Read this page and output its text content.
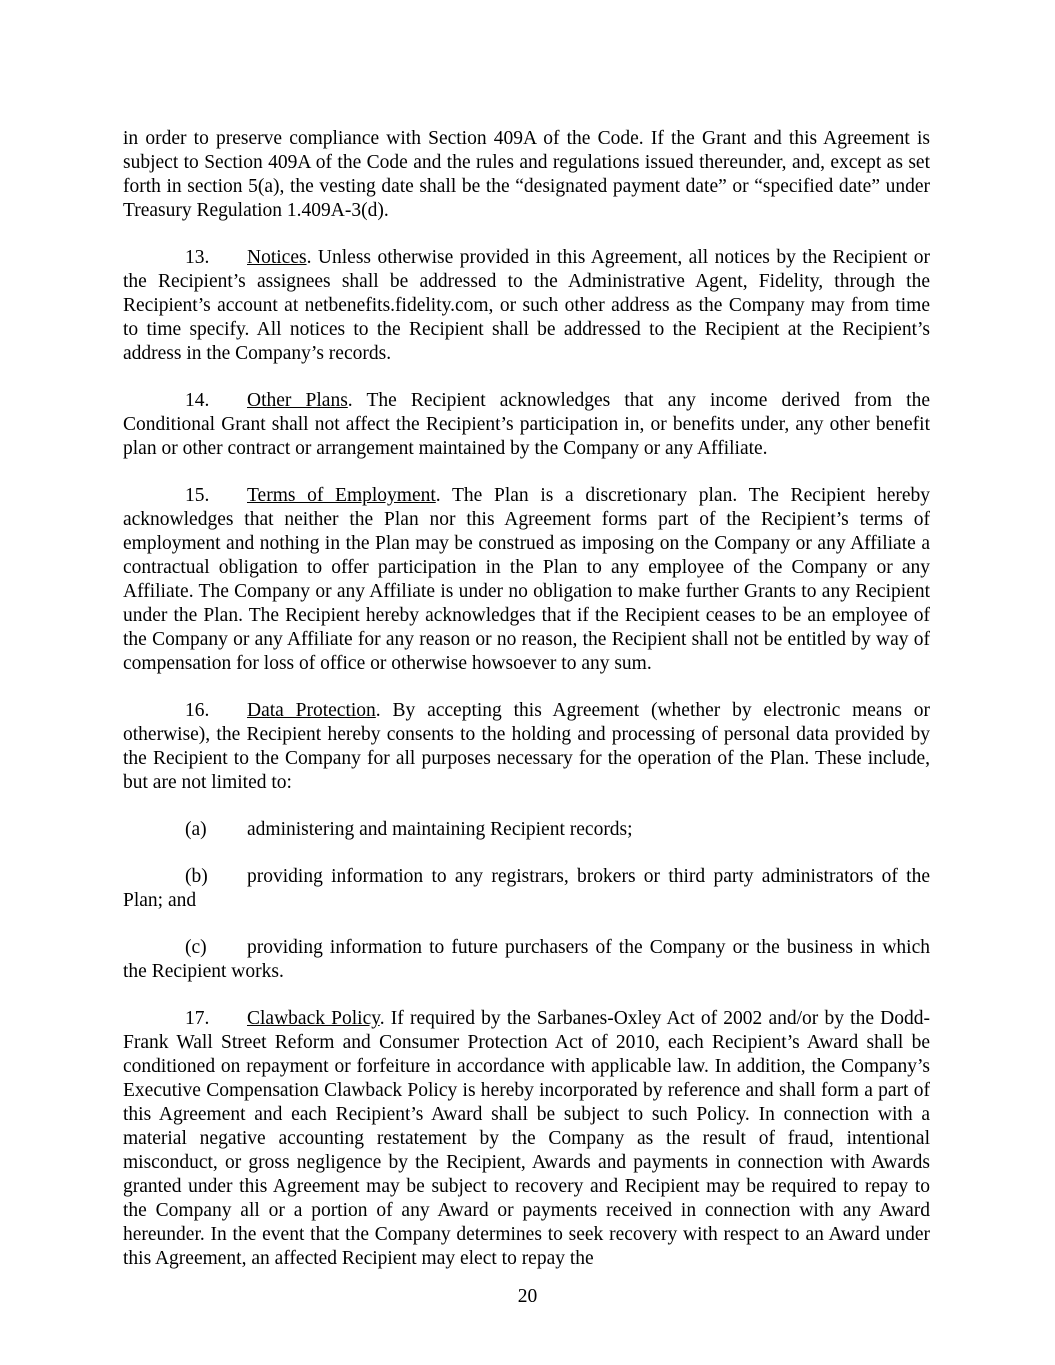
in order to preserve compliance with Section 409A of the Code. If the Grant and this Agreement is subject to Section 409A of the Code and the rules and regulations issued thereunder, and, except as set forth in section 5(a), the vesting date shall be the “designated payment date” or “specified date” under Treasury Regulation 1.409A-3(d).

13. Notices. Unless otherwise provided in this Agreement, all notices by the Recipient or the Recipient’s assignees shall be addressed to the Administrative Agent, Fidelity, through the Recipient’s account at netbenefits.fidelity.com, or such other address as the Company may from time to time specify. All notices to the Recipient shall be addressed to the Recipient at the Recipient’s address in the Company’s records.

14. Other Plans. The Recipient acknowledges that any income derived from the Conditional Grant shall not affect the Recipient’s participation in, or benefits under, any other benefit plan or other contract or arrangement maintained by the Company or any Affiliate.

15. Terms of Employment. The Plan is a discretionary plan. The Recipient hereby acknowledges that neither the Plan nor this Agreement forms part of the Recipient’s terms of employment and nothing in the Plan may be construed as imposing on the Company or any Affiliate a contractual obligation to offer participation in the Plan to any employee of the Company or any Affiliate. The Company or any Affiliate is under no obligation to make further Grants to any Recipient under the Plan. The Recipient hereby acknowledges that if the Recipient ceases to be an employee of the Company or any Affiliate for any reason or no reason, the Recipient shall not be entitled by way of compensation for loss of office or otherwise howsoever to any sum.

16. Data Protection. By accepting this Agreement (whether by electronic means or otherwise), the Recipient hereby consents to the holding and processing of personal data provided by the Recipient to the Company for all purposes necessary for the operation of the Plan. These include, but are not limited to:

(a) administering and maintaining Recipient records;

(b) providing information to any registrars, brokers or third party administrators of the Plan; and

(c) providing information to future purchasers of the Company or the business in which the Recipient works.

17. Clawback Policy. If required by the Sarbanes-Oxley Act of 2002 and/or by the Dodd-Frank Wall Street Reform and Consumer Protection Act of 2010, each Recipient’s Award shall be conditioned on repayment or forfeiture in accordance with applicable law. In addition, the Company’s Executive Compensation Clawback Policy is hereby incorporated by reference and shall form a part of this Agreement and each Recipient’s Award shall be subject to such Policy. In connection with a material negative accounting restatement by the Company as the result of fraud, intentional misconduct, or gross negligence by the Recipient, Awards and payments in connection with Awards granted under this Agreement may be subject to recovery and Recipient may be required to repay to the Company all or a portion of any Award or payments received in connection with any Award hereunder. In the event that the Company determines to seek recovery with respect to an Award under this Agreement, an affected Recipient may elect to repay the

20
